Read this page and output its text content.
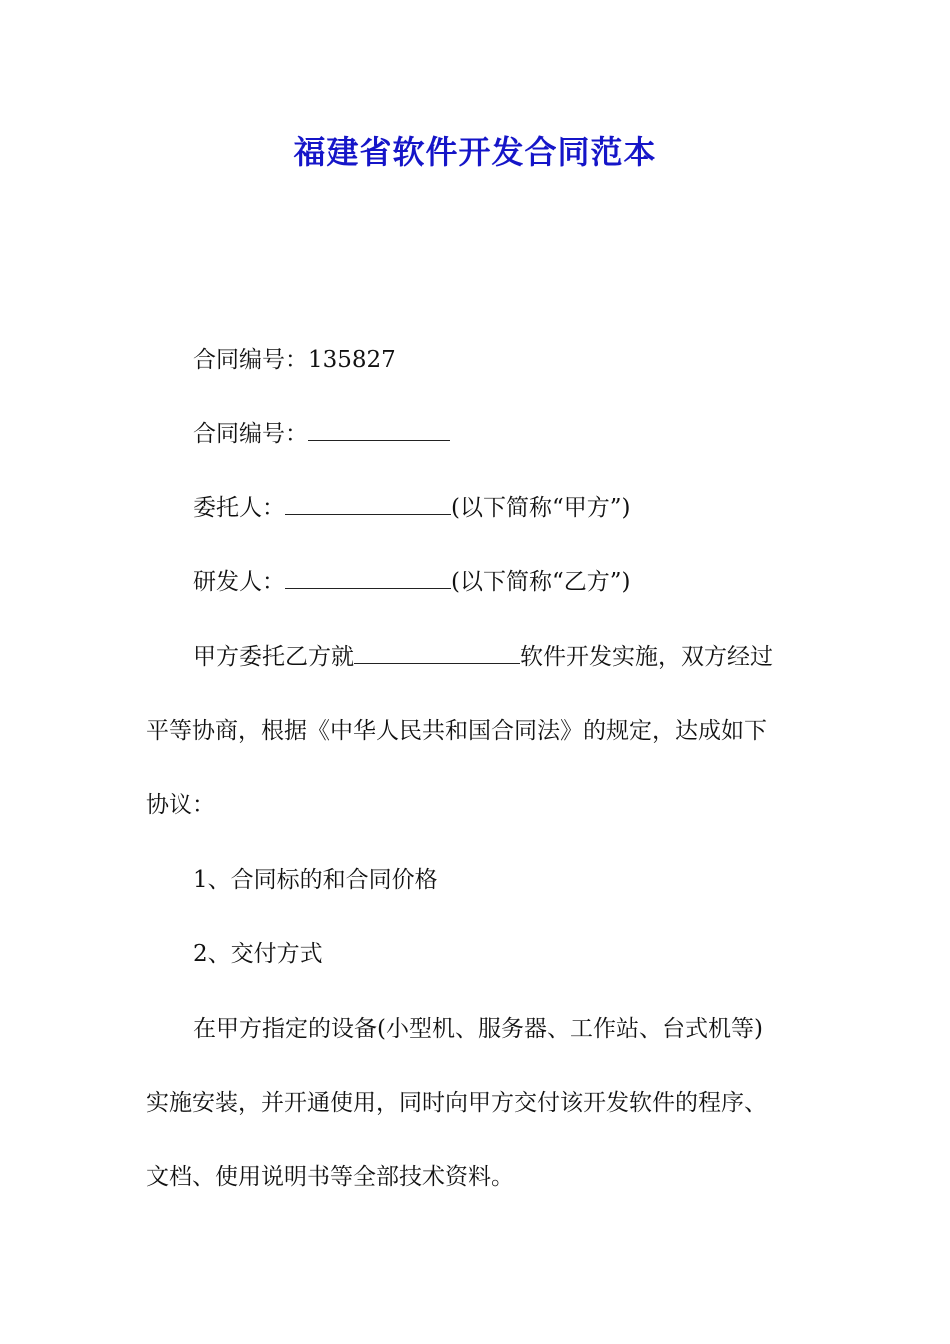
福建省软件开发合同范本
合同编号：135827
合同编号：
委托人：	(以下简称“甲方”)
研发人：	(以下简称“乙方”)
甲方委托乙方就	软件开发实施，双方经过
平等协商，根据《中华人民共和国合同法》的规定，达成如下
协议：
1、合同标的和合同价格
2、交付方式
在甲方指定的设备(小型机、服务器、工作站、台式机等)
实施安装，并开通使用，同时向甲方交付该开发软件的程序、
文档、使用说明书等全部技术资料。
